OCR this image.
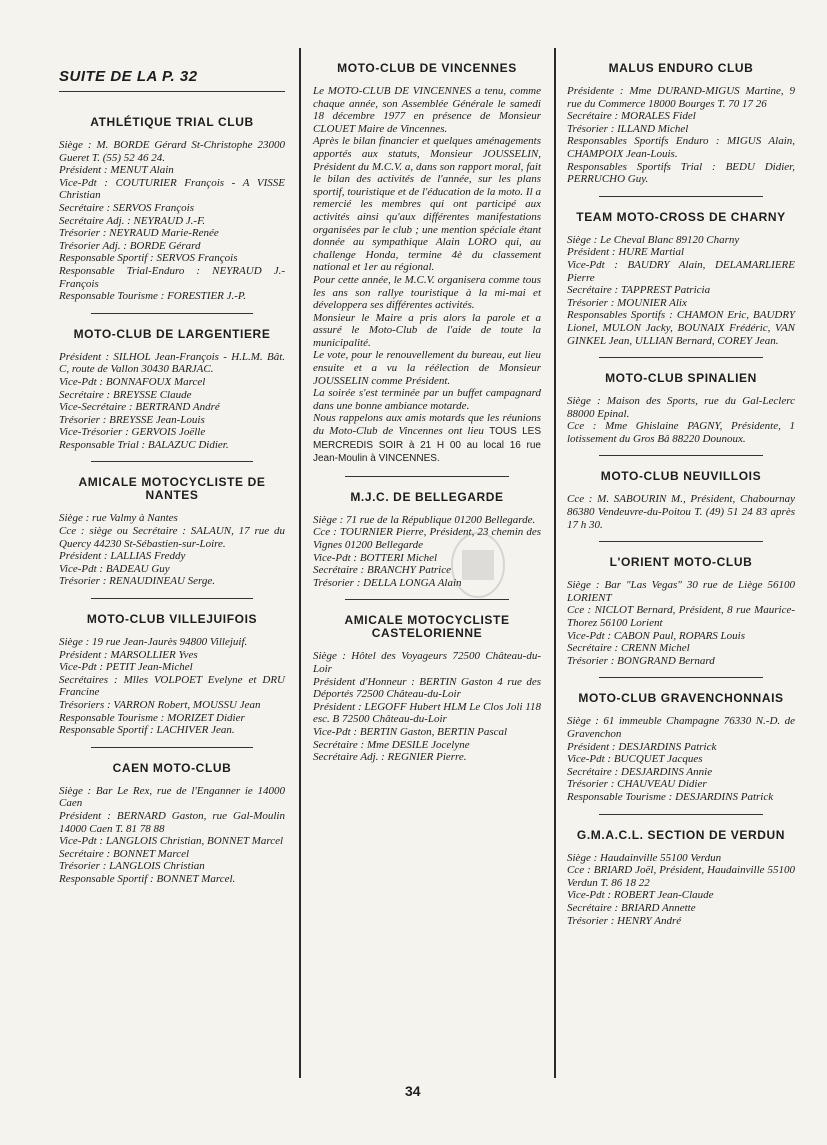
SUITE DE LA P. 32
ATHLÉTIQUE TRIAL CLUB
Siège : M. BORDE Gérard St-Christophe 23000 Gueret T. (55) 52 46 24.
Président : MENUT Alain
Vice-Pdt : COUTURIER François - A VISSE Christian
Secrétaire : SERVOS François
Secrétaire Adj. : NEYRAUD J.-F.
Trésorier : NEYRAUD Marie-Renée
Trésorier Adj. : BORDE Gérard
Responsable Sportif : SERVOS François
Responsable Trial-Enduro : NEYRAUD J.-François
Responsable Tourisme : FORESTIER J.-P.
MOTO-CLUB DE LARGENTIERE
Président : SILHOL Jean-François - H.L.M. Bât. C, route de Vallon 30430 BARJAC.
Vice-Pdt : BONNAFOUX Marcel
Secrétaire : BREYSSE Claude
Vice-Secrétaire : BERTRAND André
Trésorier : BREYSSE Jean-Louis
Vice-Trésorier : GERVOIS Joëlle
Responsable Trial : BALAZUC Didier.
AMICALE MOTOCYCLISTE DE NANTES
Siège : rue Valmy à Nantes
Cce : siège ou Secrétaire : SALAUN, 17 rue du Quercy 44230 St-Sébastien-sur-Loire.
Président : LALLIAS Freddy
Vice-Pdt : BADEAU Guy
Trésorier : RENAUDINEAU Serge.
MOTO-CLUB VILLEJUIFOIS
Siège : 19 rue Jean-Jaurès 94800 Villejuif.
Président : MARSOLLIER Yves
Vice-Pdt : PETIT Jean-Michel
Secrétaires : Mlles VOLPOET Evelyne et DRU Francine
Trésoriers : VARRON Robert, MOUSSU Jean
Responsable Tourisme : MORIZET Didier
Responsable Sportif : LACHIVER Jean.
CAEN MOTO-CLUB
Siège : Bar Le Rex, rue de l'Enganner ie 14000 Caen
Président : BERNARD Gaston, rue Gal-Moulin 14000 Caen T. 81 78 88
Vice-Pdt : LANGLOIS Christian, BONNET Marcel
Secrétaire : BONNET Marcel
Trésorier : LANGLOIS Christian
Responsable Sportif : BONNET Marcel.
MOTO-CLUB DE VINCENNES

Le MOTO-CLUB DE VINCENNES a tenu, comme chaque année, son Assemblée Générale le samedi 18 décembre 1977 en présence de Monsieur CLOUET Maire de Vincennes.

Après le bilan financier et quelques aménagements apportés aux statuts, Monsieur JOUSSELIN, Président du M.C.V. a, dans son rapport moral, fait le bilan des activités de l'année, sur les plans sportif, touristique et de l'éducation de la moto. Il a remercié les membres qui ont participé aux activités ainsi qu'aux différentes manifestations organisées par le club ; une mention spéciale étant donnée au sympathique Alain LORO qui, au challenge Honda, termine 4è du classement national et 1er au régional.

Pour cette année, le M.C.V. organisera comme tous les ans son rallye touristique à la mi-mai et développera ses différentes activités.

Monsieur le Maire a pris alors la parole et a assuré le Moto-Club de l'aide de toute la municipalité.

Le vote, pour le renouvellement du bureau, eut lieu ensuite et a vu la réélection de Monsieur JOUSSELIN comme Président.

La soirée s'est terminée par un buffet campagnard dans une bonne ambiance motarde.

Nous rappelons aux amis motards que les réunions du Moto-Club de Vincennes ont lieu TOUS LES MERCREDIS SOIR à 21 H 00 au local 16 rue Jean-Moulin à VINCENNES.

M.J.C. DE BELLEGARDE
Siège : 71 rue de la République 01200 Bellegarde.
Cce : TOURNIER Pierre, Président, 23 chemin des Vignes 01200 Bellegarde
Vice-Pdt : BOTTERI Michel
Secrétaire : BRANCHY Patrice
Trésorier : DELLA LONGA Alain
AMICALE MOTOCYCLISTE CASTELORIENNE
Siège : Hôtel des Voyageurs 72500 Château-du-Loir
Président d'Honneur : BERTIN Gaston 4 rue des Déportés 72500 Château-du-Loir
Président : LEGOFF Hubert HLM Le Clos Joli 118 esc. B 72500 Château-du-Loir
Vice-Pdt : BERTIN Gaston, BERTIN Pascal
Secrétaire : Mme DESILE Jocelyne
Secrétaire Adj. : REGNIER Pierre.
MALUS ENDURO CLUB
Présidente : Mme DURAND-MIGUS Martine, 9 rue du Commerce 18000 Bourges T. 70 17 26
Secrétaire : MORALES Fidel
Trésorier : ILLAND Michel
Responsables Sportifs Enduro : MIGUS Alain, CHAMPOIX Jean-Louis.
Responsables Sportifs Trial : BEDU Didier, PERRUCHO Guy.
TEAM MOTO-CROSS DE CHARNY
Siège : Le Cheval Blanc 89120 Charny
Président : HURE Martial
Vice-Pdt : BAUDRY Alain, DELAMARLIERE Pierre
Secrétaire : TAPPREST Patricia
Trésorier : MOUNIER Alix
Responsables Sportifs : CHAMON Eric, BAUDRY Lionel, MULON Jacky, BOUNAIX Frédéric, VAN GINKEL Jean, ULLIAN Bernard, COREY Jean.
MOTO-CLUB SPINALIEN
Siège : Maison des Sports, rue du Gal-Leclerc 88000 Epinal.
Cce : Mme Ghislaine PAGNY, Présidente, 1 lotissement du Gros Bâ 88220 Dounoux.
MOTO-CLUB NEUVILLOIS
Cce : M. SABOURIN M., Président, Chabournay 86380 Vendeuvre-du-Poitou T. (49) 51 24 83 après 17 h 30.
L'ORIENT MOTO-CLUB
Siège : Bar "Las Vegas" 30 rue de Liège 56100 LORIENT
Cce : NICLOT Bernard, Président, 8 rue Maurice-Thorez 56100 Lorient
Vice-Pdt : CABON Paul, ROPARS Louis
Secrétaire : CRENN Michel
Trésorier : BONGRAND Bernard
MOTO-CLUB GRAVENCHONNAIS
Siège : 61 immeuble Champagne 76330 N.-D. de Gravenchon
Président : DESJARDINS Patrick
Vice-Pdt : BUCQUET Jacques
Secrétaire : DESJARDINS Annie
Trésorier : CHAUVEAU Didier
Responsable Tourisme : DESJARDINS Patrick
G.M.A.C.L. SECTION DE VERDUN
Siège : Haudainville 55100 Verdun
Cce : BRIARD Joël, Président, Haudainville 55100 Verdun T. 86 18 22
Vice-Pdt : ROBERT Jean-Claude
Secrétaire : BRIARD Annette
Trésorier : HENRY André
34
